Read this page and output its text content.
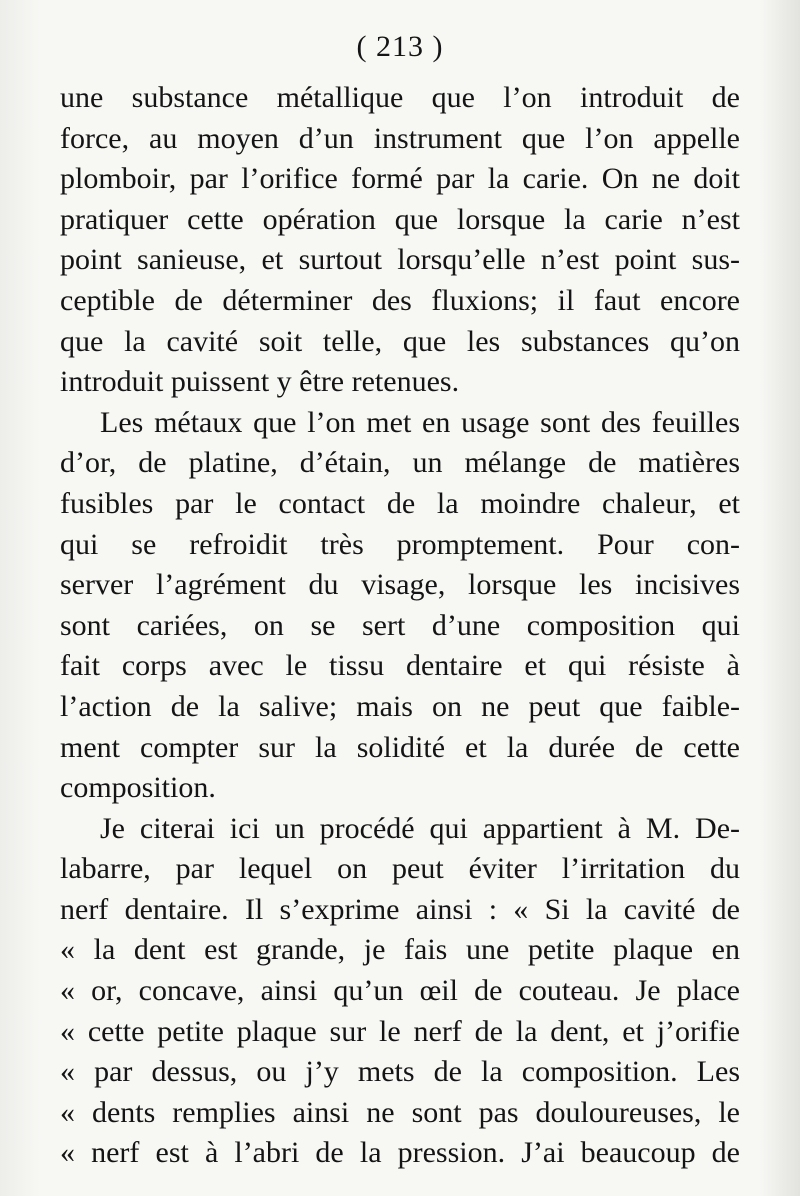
( 213 )
une substance métallique que l’on introduit de
force, au moyen d’un instrument que l’on appelle
plomboir, par l’orifice formé par la carie. On ne doit
pratiquer cette opération que lorsque la carie n’est
point sanieuse, et surtout lorsqu’elle n’est point sus-
ceptible de déterminer des fluxions; il faut encore
que la cavité soit telle, que les substances qu’on
introduit puissent y être retenues.
Les métaux que l’on met en usage sont des feuilles
d’or, de platine, d’étain, un mélange de matières
fusibles par le contact de la moindre chaleur, et
qui se refroidit très promptement. Pour con-
server l’agrément du visage, lorsque les incisives
sont cariées, on se sert d’une composition qui
fait corps avec le tissu dentaire et qui résiste à
l’action de la salive; mais on ne peut que faible-
ment compter sur la solidité et la durée de cette
composition.
Je citerai ici un procédé qui appartient à M. De-
labarre, par lequel on peut éviter l’irritation du
nerf dentaire. Il s’exprime ainsi : « Si la cavité de
« la dent est grande, je fais une petite plaque en
« or, concave, ainsi qu’un œil de couteau. Je place
« cette petite plaque sur le nerf de la dent, et j’orifie
« par dessus, ou j’y mets de la composition. Les
« dents remplies ainsi ne sont pas douloureuses, le
« nerf est à l’abri de la pression. J’ai beaucoup de
